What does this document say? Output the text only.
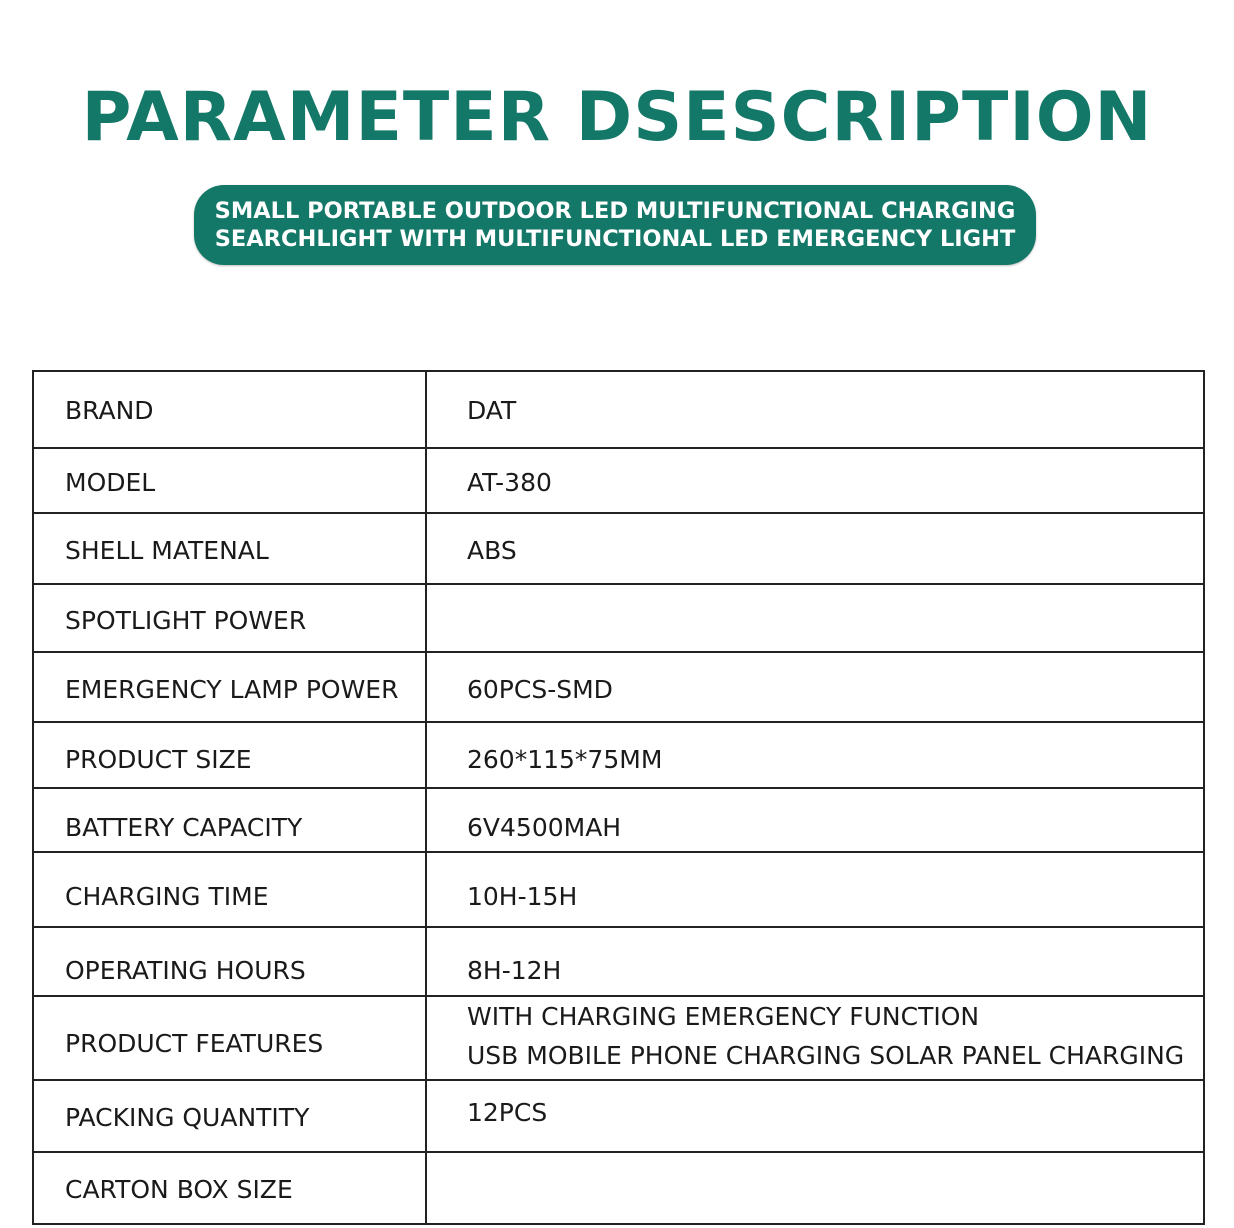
PARAMETER DSESCRIPTION
SMALL PORTABLE OUTDOOR LED MULTIFUNCTIONAL CHARGING
SEARCHLIGHT WITH MULTIFUNCTIONAL LED EMERGENCY LIGHT
BRAND	DAT
MODEL	AT-380
SHELL MATENAL	ABS
SPOTLIGHT POWER	
EMERGENCY LAMP POWER	60PCS-SMD
PRODUCT SIZE	260*115*75MM
BATTERY CAPACITY	6V4500MAH
CHARGING TIME	10H-15H
OPERATING HOURS	8H-12H
PRODUCT FEATURES	WITH CHARGING EMERGENCY FUNCTION
USB MOBILE PHONE CHARGING SOLAR PANEL CHARGING

PACKING QUANTITY	12PCS
CARTON BOX SIZE	
